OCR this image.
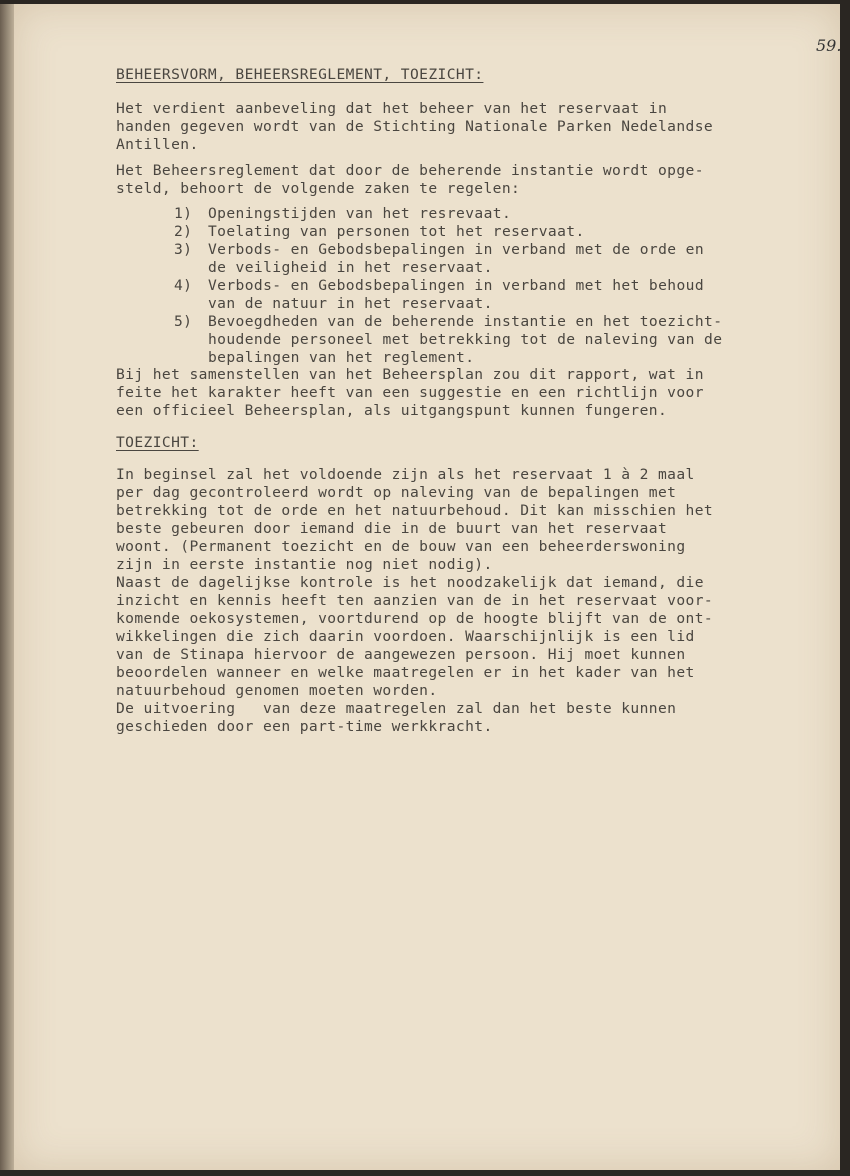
59.
BEHEERSVORM, BEHEERSREGLEMENT, TOEZICHT:
Het verdient aanbeveling dat het beheer van het reservaat in
handen gegeven wordt van de Stichting Nationale Parken Nedelandse
Antillen.
Het Beheersreglement dat door de beherende instantie wordt opge-
steld, behoort de volgende zaken te regelen:
1)	Openingstijden van het resrevaat.
2)	Toelating van personen tot het reservaat.
3)	Verbods- en Gebodsbepalingen in verband met de orde en
de veiligheid in het reservaat.
4)	Verbods- en Gebodsbepalingen in verband met het behoud
van de natuur in het reservaat.
5)	Bevoegdheden van de beherende instantie en het toezicht-
houdende personeel met betrekking tot de naleving van de
bepalingen van het reglement.
Bij het samenstellen van het Beheersplan zou dit rapport, wat in
feite het karakter heeft van een suggestie en een richtlijn voor
een officieel Beheersplan, als uitgangspunt kunnen fungeren.
TOEZICHT:
In beginsel zal het voldoende zijn als het reservaat 1 à 2 maal
per dag gecontroleerd wordt op naleving van de bepalingen met
betrekking tot de orde en het natuurbehoud. Dit kan misschien het
beste gebeuren door iemand die in de buurt van het reservaat
woont. (Permanent toezicht en de bouw van een beheerderswoning
zijn in eerste instantie nog niet nodig).
Naast de dagelijkse kontrole is het noodzakelijk dat iemand, die
inzicht en kennis heeft ten aanzien van de in het reservaat voor-
komende oekosystemen, voortdurend op de hoogte blijft van de ont-
wikkelingen die zich daarin voordoen. Waarschijnlijk is een lid
van de Stinapa hiervoor de aangewezen persoon. Hij moet kunnen
beoordelen wanneer en welke maatregelen er in het kader van het
natuurbehoud genomen moeten worden.
De uitvoering   van deze maatregelen zal dan het beste kunnen
geschieden door een part-time werkkracht.
